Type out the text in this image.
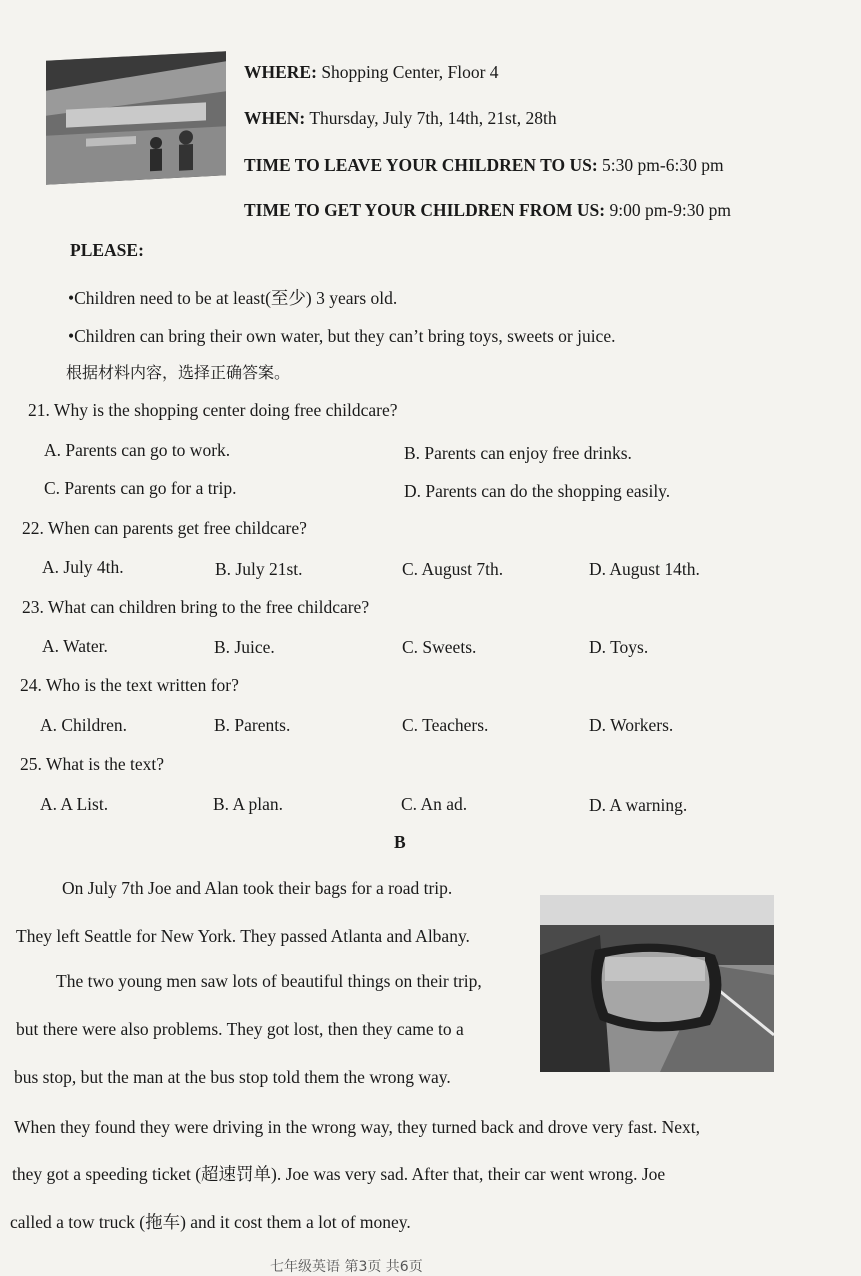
WHERE: Shopping Center, Floor 4
WHEN: Thursday, July 7th, 14th, 21st, 28th
TIME TO LEAVE YOUR CHILDREN TO US: 5:30 pm-6:30 pm
TIME TO GET YOUR CHILDREN FROM US: 9:00 pm-9:30 pm
PLEASE:
•Children need to be at least(至少) 3 years old.
•Children can bring their own water, but they can’t bring toys, sweets or juice.
根据材料内容，选择正确答案。
21. Why is the shopping center doing free childcare?
A. Parents can go to work.	B. Parents can enjoy free drinks.
C. Parents can go for a trip.	D. Parents can do the shopping easily.
22. When can parents get free childcare?
A. July 4th.	B. July 21st.	C. August 7th.	D. August 14th.
23. What can children bring to the free childcare?
A. Water.	B. Juice.	C. Sweets.	D. Toys.
24. Who is the text written for?
A. Children.	B. Parents.	C. Teachers.	D. Workers.
25. What is the text?
A. A List.	B. A plan.	C. An ad.	D. A warning.
B
On July 7th Joe and Alan took their bags for a road trip.
They left Seattle for New York. They passed Atlanta and Albany.
The two young men saw lots of beautiful things on their trip,
but there were also problems. They got lost, then they came to a
bus stop, but the man at the bus stop told them the wrong way.
When they found they were driving in the wrong way, they turned back and drove very fast. Next,
they got a speeding ticket (超速罚单). Joe was very sad. After that, their car went wrong. Joe
called a tow truck (拖车) and it cost them a lot of money.
七年级英语 第3页 共6页
